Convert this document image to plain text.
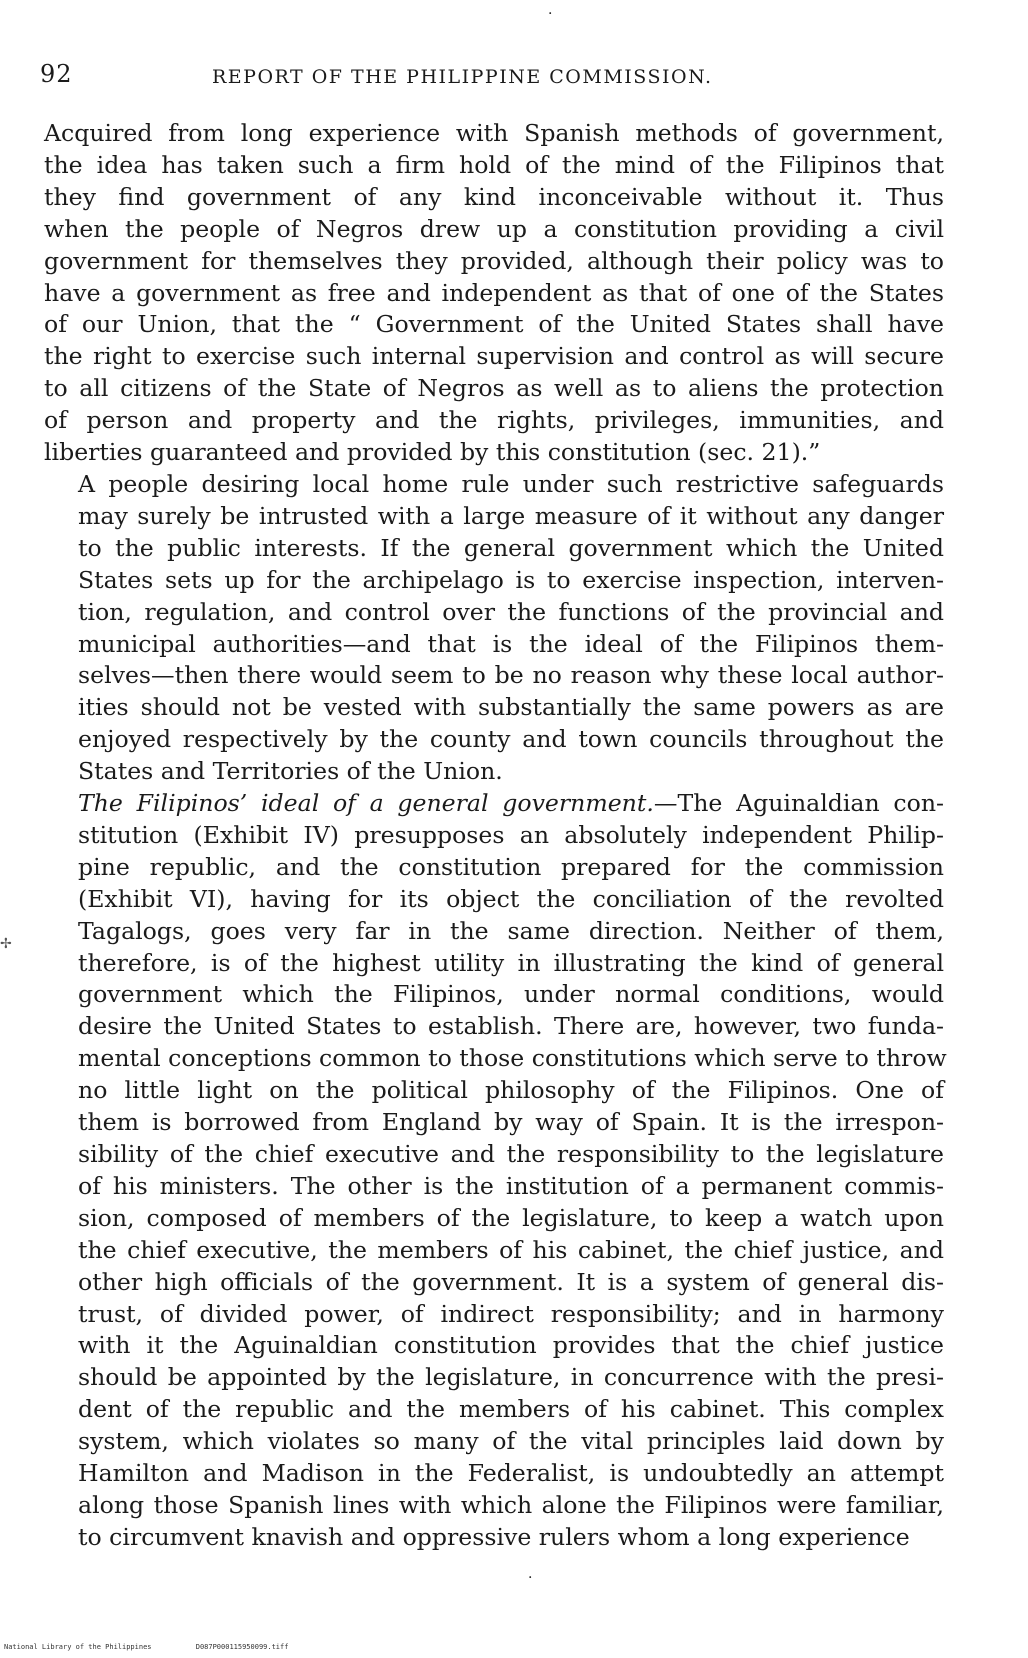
·
92	REPORT OF THE PHILIPPINE COMMISSION.

Acquired from long experience with Spanish methods of government,
the idea has taken such a firm hold of the mind of the Filipinos that
they find government of any kind inconceivable without it. Thus
when the people of Negros drew up a constitution providing a civil
government for themselves they provided, although their policy was to
have a government as free and independent as that of one of the States
of our Union, that the “ Government of the United States shall have
the right to exercise such internal supervision and control as will secure
to all citizens of the State of Negros as well as to aliens the protection
of person and property and the rights, privileges, immunities, and
liberties guaranteed and provided by this constitution (sec. 21).”

A people desiring local home rule under such restrictive safeguards
may surely be intrusted with a large measure of it without any danger
to the public interests. If the general government which the United
States sets up for the archipelago is to exercise inspection, interven-
tion, regulation, and control over the functions of the provincial and
municipal authorities—and that is the ideal of the Filipinos them-
selves—then there would seem to be no reason why these local author-
ities should not be vested with substantially the same powers as are
enjoyed respectively by the county and town councils throughout the
States and Territories of the Union.

The Filipinos’ ideal of a general government.—The Aguinaldian con-
stitution (Exhibit IV) presupposes an absolutely independent Philip-
pine republic, and the constitution prepared for the commission
(Exhibit VI), having for its object the conciliation of the revolted
Tagalogs, goes very far in the same direction. Neither of them,
therefore, is of the highest utility in illustrating the kind of general
government which the Filipinos, under normal conditions, would
desire the United States to establish. There are, however, two funda-
mental conceptions common to those constitutions which serve to throw
no little light on the political philosophy of the Filipinos. One of
them is borrowed from England by way of Spain. It is the irrespon-
sibility of the chief executive and the responsibility to the legislature
of his ministers. The other is the institution of a permanent commis-
sion, composed of members of the legislature, to keep a watch upon
the chief executive, the members of his cabinet, the chief justice, and
other high officials of the government. It is a system of general dis-
trust, of divided power, of indirect responsibility; and in harmony
with it the Aguinaldian constitution provides that the chief justice
should be appointed by the legislature, in concurrence with the presi-
dent of the republic and the members of his cabinet. This complex
system, which violates so many of the vital principles laid down by
Hamilton and Madison in the Federalist, is undoubtedly an attempt
along those Spanish lines with which alone the Filipinos were familiar,
to circumvent knavish and oppressive rulers whom a long experience

✢
·
National Library of the Philippines	D087P000115950099.tiff
